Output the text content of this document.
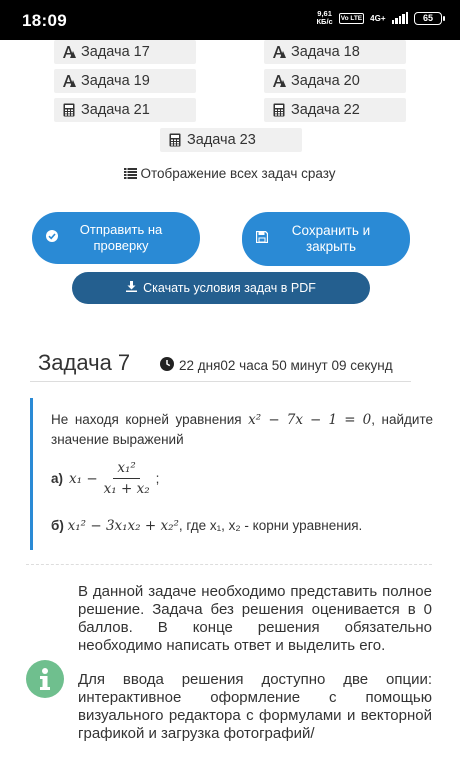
18:09	9,61
КБ/с	Vo LTE 4G+	65
Задача 17	Задача 18
Задача 19	Задача 20
Задача 21	Задача 22
Задача 23
Отображение всех задач сразу
Отправить на проверку
Сохранить и закрыть
Скачать условия задач в PDF
Задача 7	22 дня02 часа 50 минут 09 секунд
Не находя корней уравнения x² − 7x − 1 = 0, найдите значение выражений
а) $x_1 - \frac{\text{x₁²}}{\text{x₁ + x₂}}$ ;
б) x₁² − 3x₁x₂ + x₂², где x₁, x₂ - корни уравнения.

В данной задаче необходимо представить полное решение. Задача без решения оценивается в 0 баллов. В конце решения обязательно необходимо написать ответ и выделить его.

Для ввода решения доступно две опции: интерактивное оформление с помощью визуального редактора с формулами и векторной графикой и загрузка фотографий/
